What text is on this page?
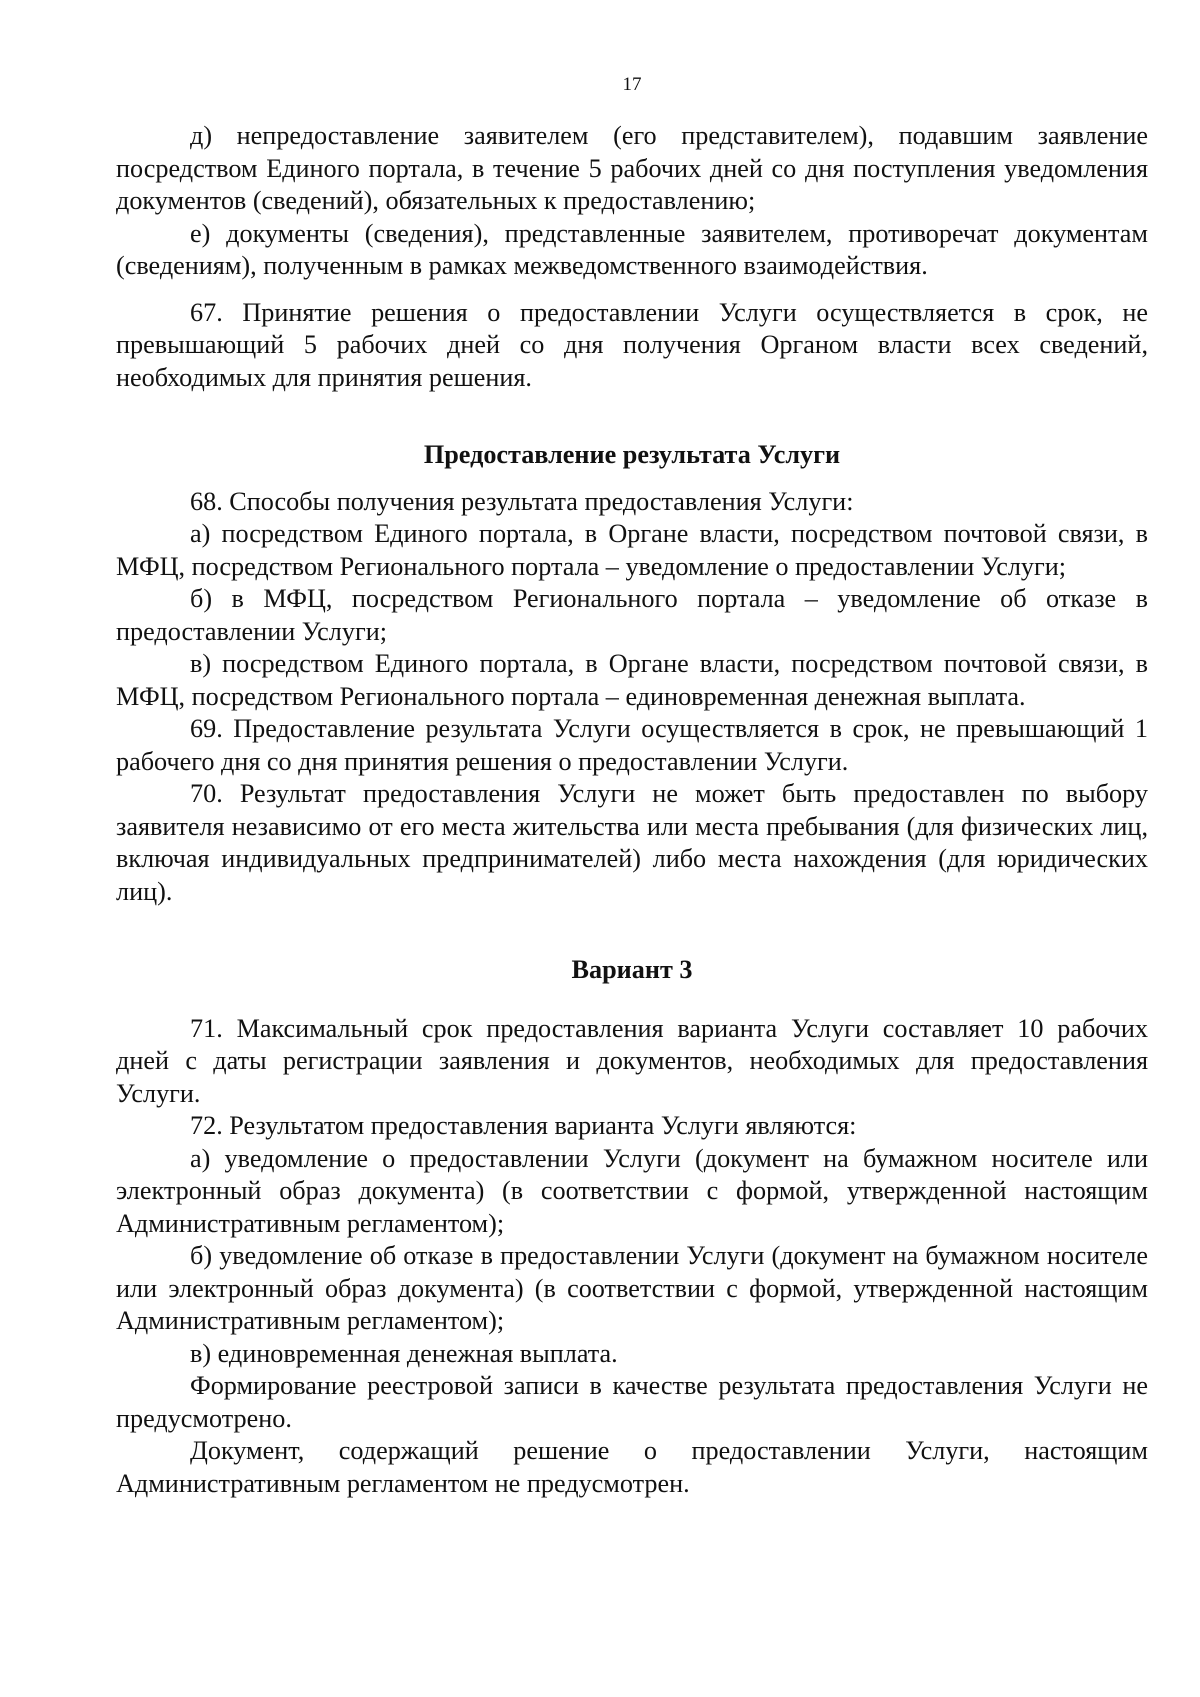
17

д) непредоставление заявителем (его представителем), подавшим заявление посредством Единого портала, в течение 5 рабочих дней со дня поступления уведомления документов (сведений), обязательных к предоставлению;

е) документы (сведения), представленные заявителем, противоречат документам (сведениям), полученным в рамках межведомственного взаимодействия.

67. Принятие решения о предоставлении Услуги осуществляется в срок, не превышающий 5 рабочих дней со дня получения Органом власти всех сведений, необходимых для принятия решения.

Предоставление результата Услуги

68. Способы получения результата предоставления Услуги:

а) посредством Единого портала, в Органе власти, посредством почтовой связи, в МФЦ, посредством Регионального портала – уведомление о предоставлении Услуги;

б) в МФЦ, посредством Регионального портала – уведомление об отказе в предоставлении Услуги;

в) посредством Единого портала, в Органе власти, посредством почтовой связи, в МФЦ, посредством Регионального портала – единовременная денежная выплата.

69. Предоставление результата Услуги осуществляется в срок, не превышающий 1 рабочего дня со дня принятия решения о предоставлении Услуги.

70. Результат предоставления Услуги не может быть предоставлен по выбору заявителя независимо от его места жительства или места пребывания (для физических лиц, включая индивидуальных предпринимателей) либо места нахождения (для юридических лиц).

Вариант 3

71. Максимальный срок предоставления варианта Услуги составляет 10 рабочих дней с даты регистрации заявления и документов, необходимых для предоставления Услуги.

72. Результатом предоставления варианта Услуги являются:

а) уведомление о предоставлении Услуги (документ на бумажном носителе или электронный образ документа) (в соответствии с формой, утвержденной настоящим Административным регламентом);

б) уведомление об отказе в предоставлении Услуги (документ на бумажном носителе или электронный образ документа) (в соответствии с формой, утвержденной настоящим Административным регламентом);

в) единовременная денежная выплата.

Формирование реестровой записи в качестве результата предоставления Услуги не предусмотрено.

Документ, содержащий решение о предоставлении Услуги, настоящим Административным регламентом не предусмотрен.
